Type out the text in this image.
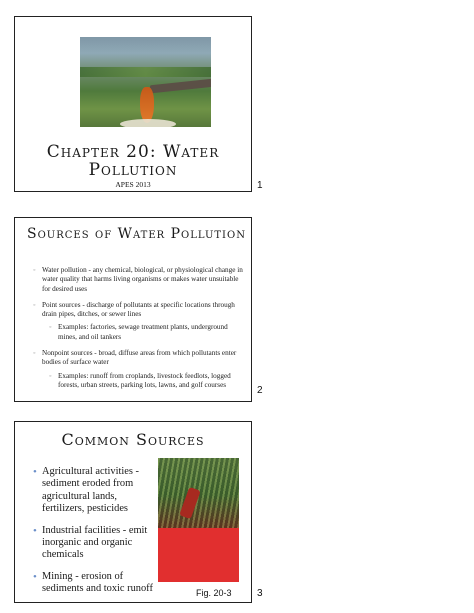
Chapter 20: Water Pollution
APES 2013	1
Sources of Water Pollution
◦ Water pollution - any chemical, biological, or physiological change in water quality that harms living organisms or makes water unsuitable for desired uses
◦ Point sources - discharge of pollutants at specific locations through drain pipes, ditches, or sewer lines
◦ Examples: factories, sewage treatment plants, underground mines, and oil tankers
◦ Nonpoint sources - broad, diffuse areas from which pollutants enter bodies of surface water
◦ Examples: runoff from croplands, livestock feedlots, logged forests, urban streets, parking lots, lawns, and golf courses
2
Common Sources
• Agricultural activities - sediment eroded from agricultural lands, fertilizers, pesticides
• Industrial facilities - emit inorganic and organic chemicals
• Mining - erosion of sediments and toxic runoff	Fig. 20-3	3
